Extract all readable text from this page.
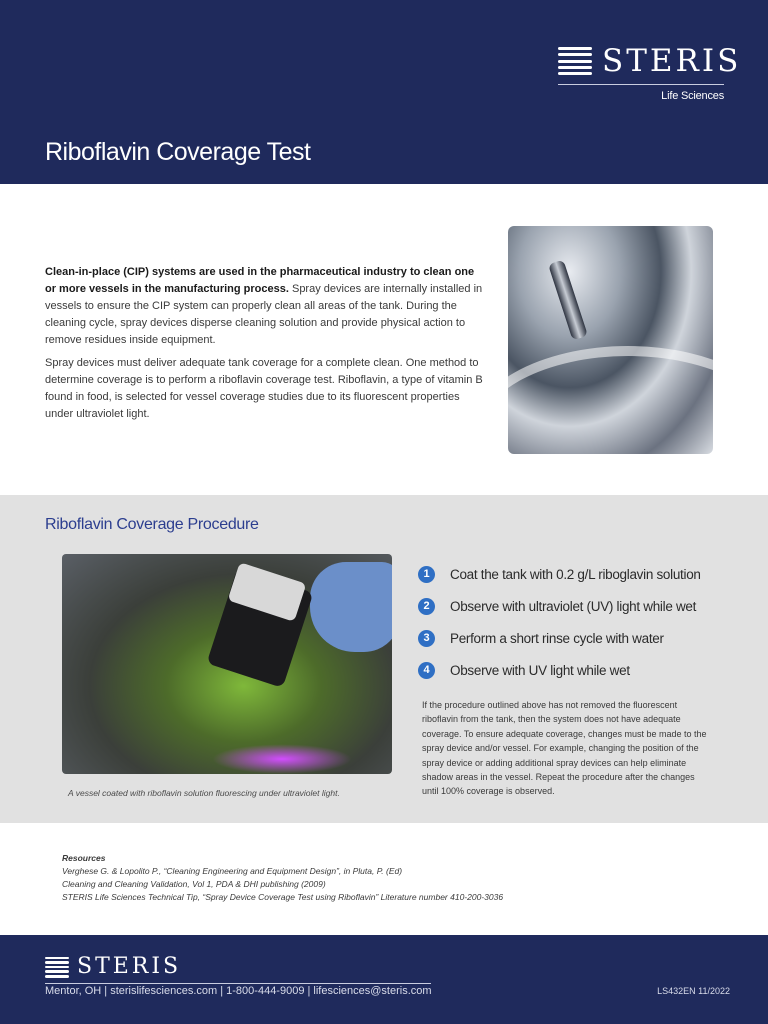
STERIS
Life Sciences
Riboflavin Coverage Test

Clean-in-place (CIP) systems are used in the pharmaceutical industry to clean one or more vessels in the manufacturing process. Spray devices are internally installed in vessels to ensure the CIP system can properly clean all areas of the tank. During the cleaning cycle, spray devices disperse cleaning solution and provide physical action to remove residues inside equipment.

Spray devices must deliver adequate tank coverage for a complete clean. One method to determine coverage is to perform a riboflavin coverage test. Riboflavin, a type of vitamin B found in food, is selected for vessel coverage studies due to its fluorescent properties under ultraviolet light.

Riboflavin Coverage Procedure

A vessel coated with riboflavin solution fluorescing under ultraviolet light.

1	Coat the tank with 0.2 g/L riboglavin solution
2	Observe with ultraviolet (UV) light while wet
3	Perform a short rinse cycle with water
4	Observe with UV light while wet

If the procedure outlined above has not removed the fluorescent riboflavin from the tank, then the system does not have adequate coverage. To ensure adequate coverage, changes must be made to the spray device and/or vessel. For example, changing the position of the spray device or adding additional spray devices can help eliminate shadow areas in the vessel. Repeat the procedure after the changes until 100% coverage is observed.

Resources
Verghese G. & Lopolito P., “Cleaning Engineering and Equipment Design”, in Pluta, P. (Ed)
Cleaning and Cleaning Validation, Vol 1, PDA & DHI publishing (2009)
STERIS Life Sciences Technical Tip, “Spray Device Coverage Test using Riboflavin” Literature number 410-200-3036
STERIS
Mentor, OH | sterislifesciences.com | 1-800-444-9009 | lifesciences@steris.com	LS432EN 11/2022
